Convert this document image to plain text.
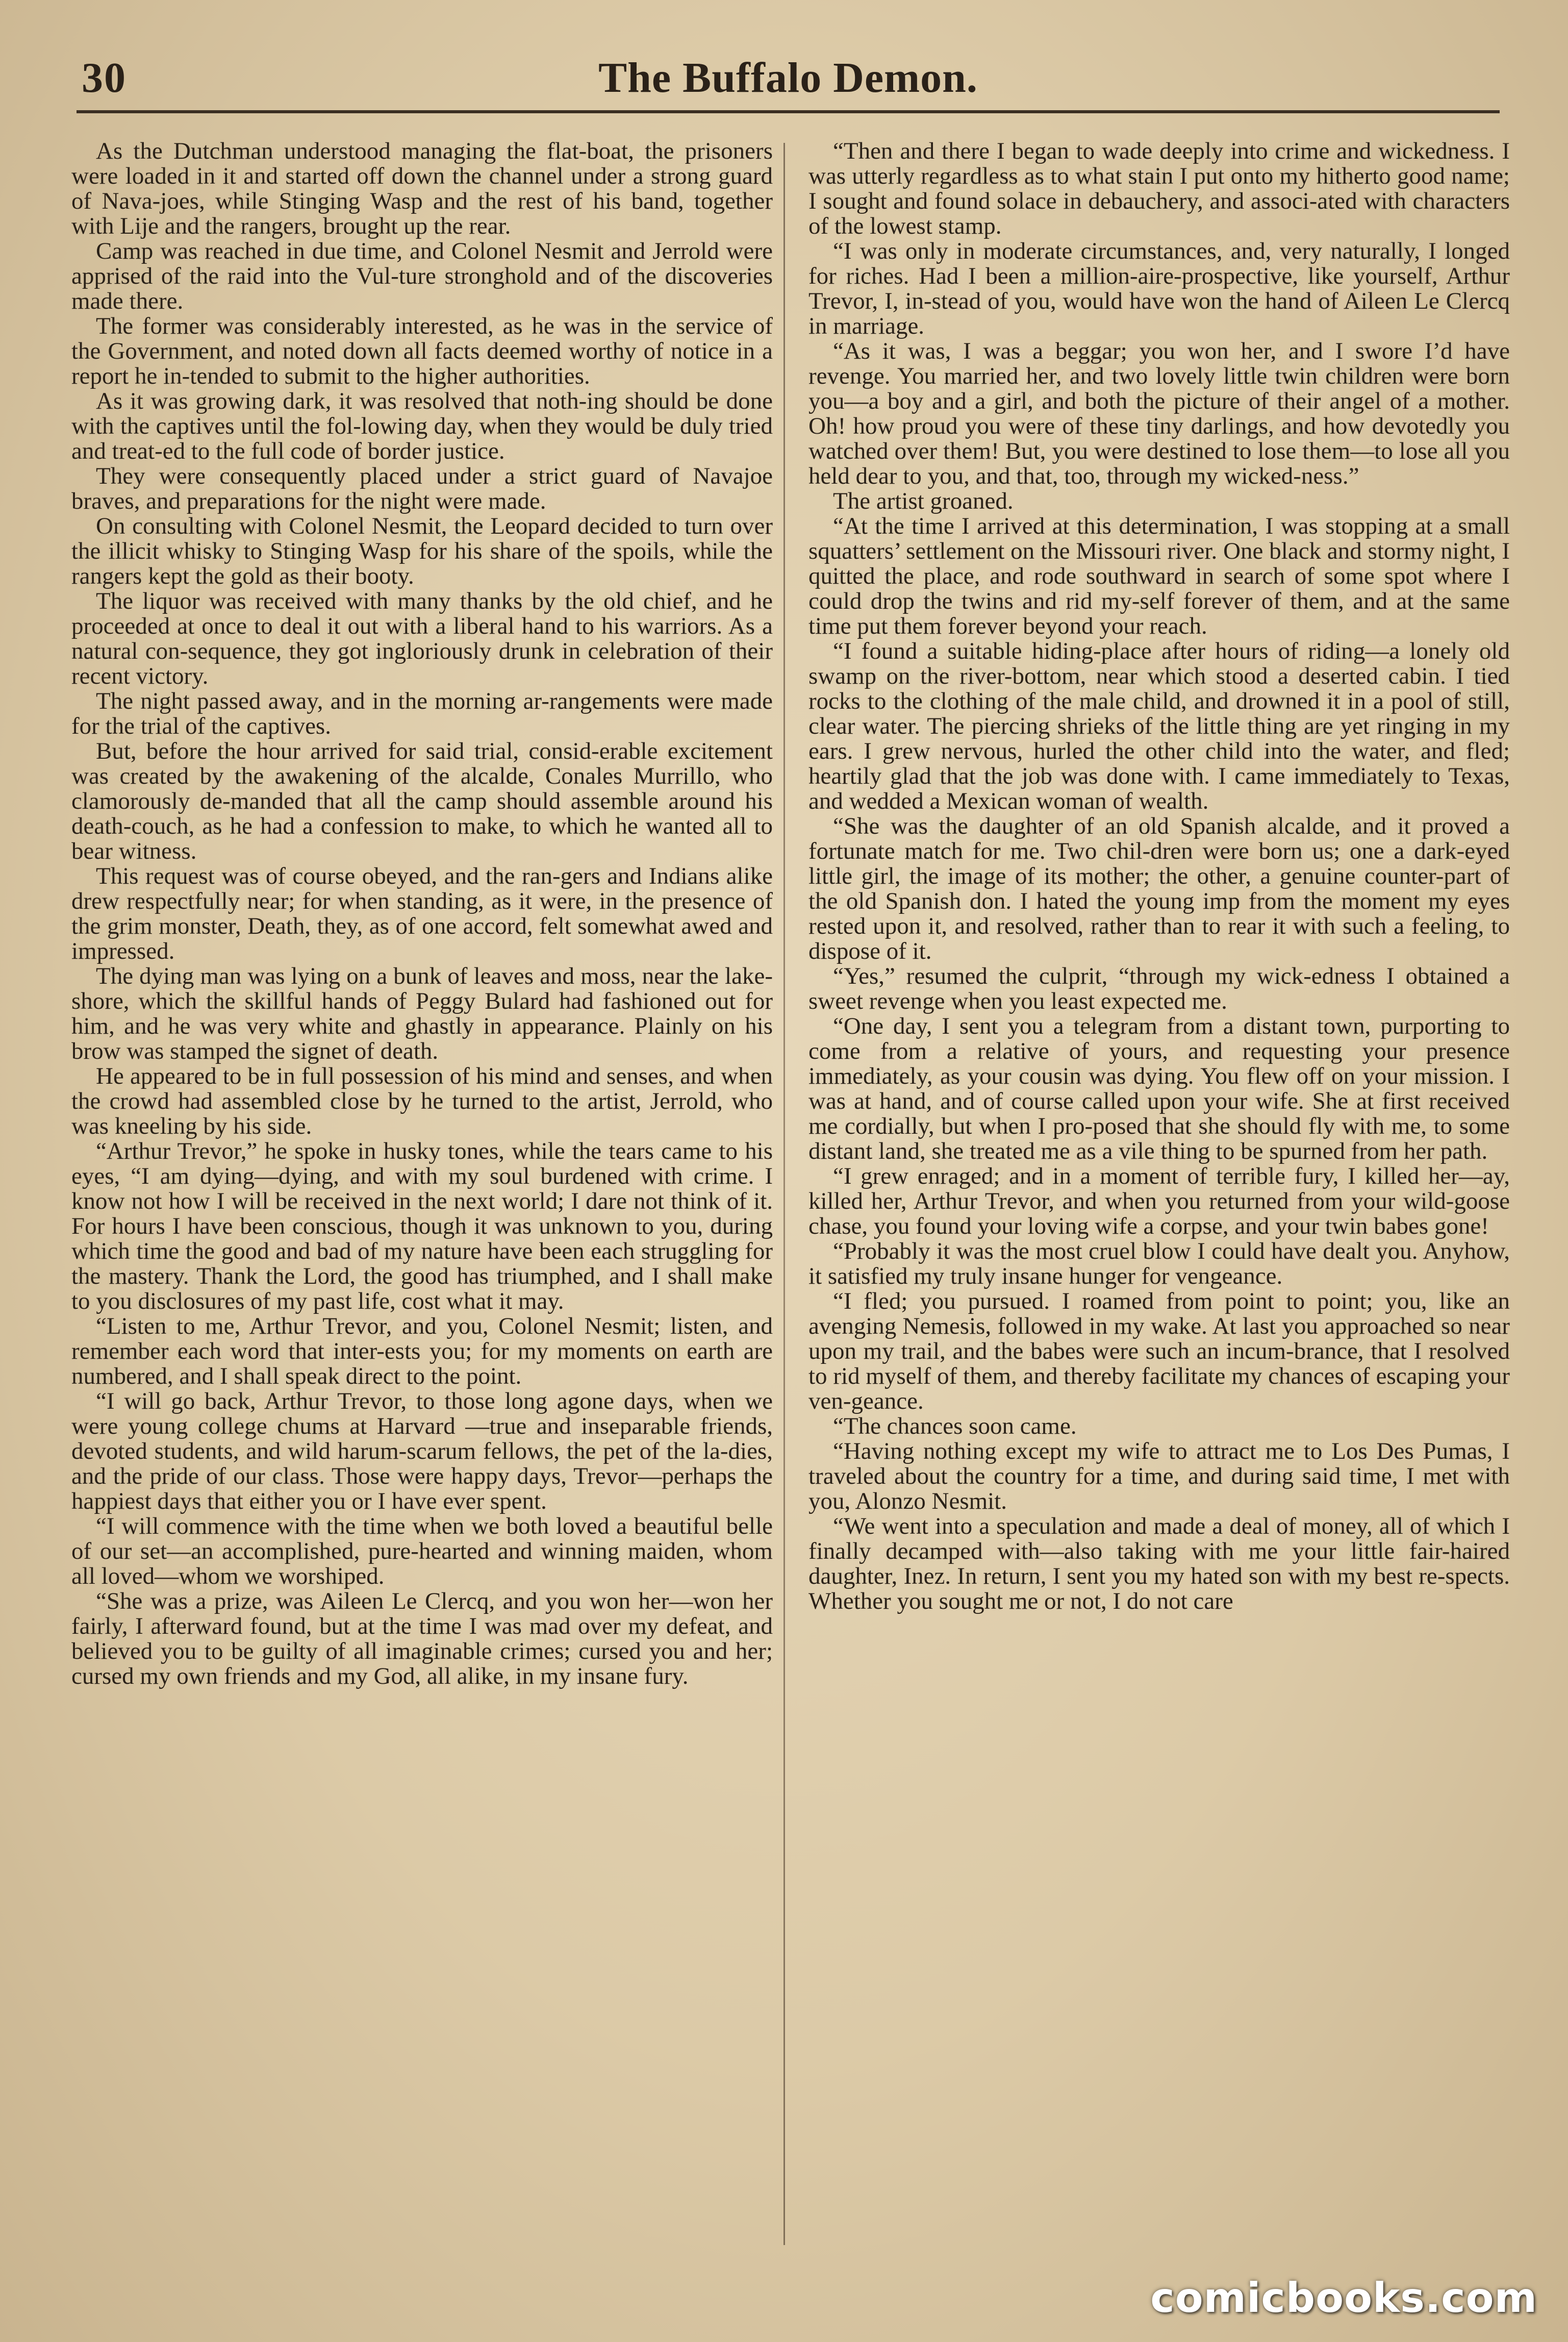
30	The Buffalo Demon.

As the Dutchman understood managing the flat-boat, the prisoners were loaded in it and started off down the channel under a strong guard of Nava-joes, while Stinging Wasp and the rest of his band, together with Lije and the rangers, brought up the rear.

Camp was reached in due time, and Colonel Nesmit and Jerrold were apprised of the raid into the Vul-ture stronghold and of the discoveries made there.

The former was considerably interested, as he was in the service of the Government, and noted down all facts deemed worthy of notice in a report he in-tended to submit to the higher authorities.

As it was growing dark, it was resolved that noth-ing should be done with the captives until the fol-lowing day, when they would be duly tried and treat-ed to the full code of border justice.

They were consequently placed under a strict guard of Navajoe braves, and preparations for the night were made.

On consulting with Colonel Nesmit, the Leopard decided to turn over the illicit whisky to Stinging Wasp for his share of the spoils, while the rangers kept the gold as their booty.

The liquor was received with many thanks by the old chief, and he proceeded at once to deal it out with a liberal hand to his warriors. As a natural con-sequence, they got ingloriously drunk in celebration of their recent victory.

The night passed away, and in the morning ar-rangements were made for the trial of the captives.

But, before the hour arrived for said trial, consid-erable excitement was created by the awakening of the alcalde, Conales Murrillo, who clamorously de-manded that all the camp should assemble around his death-couch, as he had a confession to make, to which he wanted all to bear witness.

This request was of course obeyed, and the ran-gers and Indians alike drew respectfully near; for when standing, as it were, in the presence of the grim monster, Death, they, as of one accord, felt somewhat awed and impressed.

The dying man was lying on a bunk of leaves and moss, near the lake-shore, which the skillful hands of Peggy Bulard had fashioned out for him, and he was very white and ghastly in appearance. Plainly on his brow was stamped the signet of death.

He appeared to be in full possession of his mind and senses, and when the crowd had assembled close by he turned to the artist, Jerrold, who was kneeling by his side.

“Arthur Trevor,” he spoke in husky tones, while the tears came to his eyes, “I am dying—dying, and with my soul burdened with crime. I know not how I will be received in the next world; I dare not think of it. For hours I have been conscious, though it was unknown to you, during which time the good and bad of my nature have been each struggling for the mastery. Thank the Lord, the good has triumphed, and I shall make to you disclosures of my past life, cost what it may.

“Listen to me, Arthur Trevor, and you, Colonel Nesmit; listen, and remember each word that inter-ests you; for my moments on earth are numbered, and I shall speak direct to the point.

“I will go back, Arthur Trevor, to those long agone days, when we were young college chums at Harvard —true and inseparable friends, devoted students, and wild harum-scarum fellows, the pet of the la-dies, and the pride of our class. Those were happy days, Trevor—perhaps the happiest days that either you or I have ever spent.

“I will commence with the time when we both loved a beautiful belle of our set—an accomplished, pure-hearted and winning maiden, whom all loved—whom we worshiped.

“She was a prize, was Aileen Le Clercq, and you won her—won her fairly, I afterward found, but at the time I was mad over my defeat, and believed you to be guilty of all imaginable crimes; cursed you and her; cursed my own friends and my God, all alike, in my insane fury.

“Then and there I began to wade deeply into crime and wickedness. I was utterly regardless as to what stain I put onto my hitherto good name; I sought and found solace in debauchery, and associ-ated with characters of the lowest stamp.

“I was only in moderate circumstances, and, very naturally, I longed for riches. Had I been a million-aire-prospective, like yourself, Arthur Trevor, I, in-stead of you, would have won the hand of Aileen Le Clercq in marriage.

“As it was, I was a beggar; you won her, and I swore I’d have revenge. You married her, and two lovely little twin children were born you—a boy and a girl, and both the picture of their angel of a mother. Oh! how proud you were of these tiny darlings, and how devotedly you watched over them! But, you were destined to lose them—to lose all you held dear to you, and that, too, through my wicked-ness.”

The artist groaned.

“At the time I arrived at this determination, I was stopping at a small squatters’ settlement on the Missouri river. One black and stormy night, I quitted the place, and rode southward in search of some spot where I could drop the twins and rid my-self forever of them, and at the same time put them forever beyond your reach.

“I found a suitable hiding-place after hours of riding—a lonely old swamp on the river-bottom, near which stood a deserted cabin. I tied rocks to the clothing of the male child, and drowned it in a pool of still, clear water. The piercing shrieks of the little thing are yet ringing in my ears. I grew nervous, hurled the other child into the water, and fled; heartily glad that the job was done with. I came immediately to Texas, and wedded a Mexican woman of wealth.

“She was the daughter of an old Spanish alcalde, and it proved a fortunate match for me. Two chil-dren were born us; one a dark-eyed little girl, the image of its mother; the other, a genuine counter-part of the old Spanish don. I hated the young imp from the moment my eyes rested upon it, and resolved, rather than to rear it with such a feeling, to dispose of it.

“Yes,” resumed the culprit, “through my wick-edness I obtained a sweet revenge when you least expected me.

“One day, I sent you a telegram from a distant town, purporting to come from a relative of yours, and requesting your presence immediately, as your cousin was dying. You flew off on your mission. I was at hand, and of course called upon your wife. She at first received me cordially, but when I pro-posed that she should fly with me, to some distant land, she treated me as a vile thing to be spurned from her path.

“I grew enraged; and in a moment of terrible fury, I killed her—ay, killed her, Arthur Trevor, and when you returned from your wild-goose chase, you found your loving wife a corpse, and your twin babes gone!

“Probably it was the most cruel blow I could have dealt you. Anyhow, it satisfied my truly insane hunger for vengeance.

“I fled; you pursued. I roamed from point to point; you, like an avenging Nemesis, followed in my wake. At last you approached so near upon my trail, and the babes were such an incum-brance, that I resolved to rid myself of them, and thereby facilitate my chances of escaping your ven-geance.

“The chances soon came.

“Having nothing except my wife to attract me to Los Des Pumas, I traveled about the country for a time, and during said time, I met with you, Alonzo Nesmit.

“We went into a speculation and made a deal of money, all of which I finally decamped with—also taking with me your little fair-haired daughter, Inez. In return, I sent you my hated son with my best re-spects. Whether you sought me or not, I do not care

comicbooks.com
